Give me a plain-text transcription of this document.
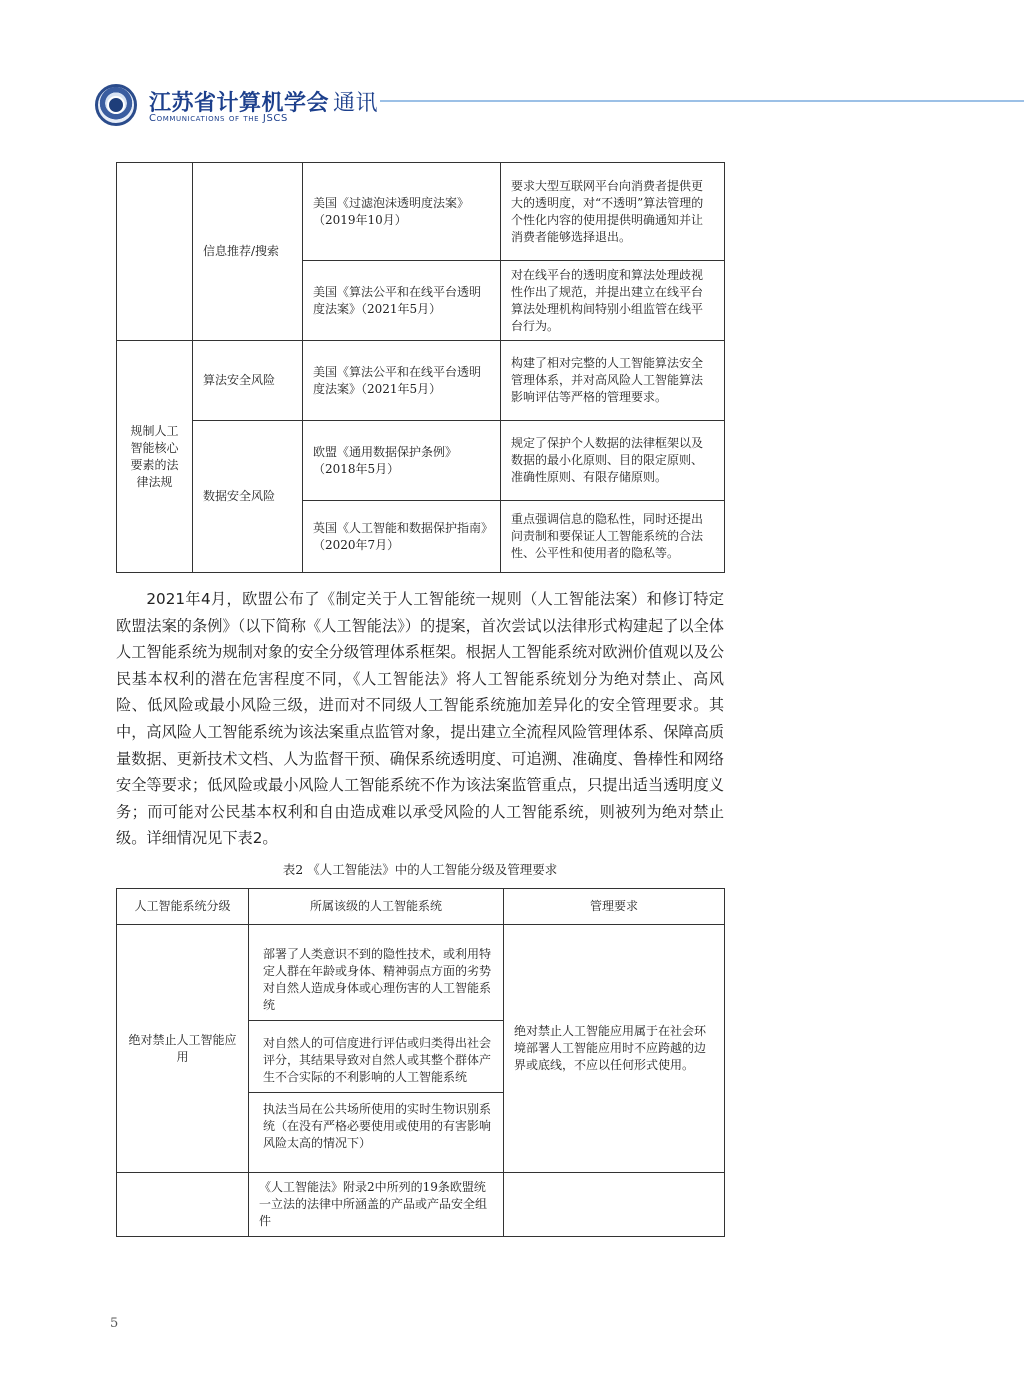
江苏省计算机学会 通讯
Communications of the JSCS
	信息推荐/搜索	美国《过滤泡沫透明度法案》（2019年10月）	要求大型互联网平台向消费者提供更大的透明度，对“不透明”算法管理的个性化内容的使用提供明确通知并让消费者能够选择退出。
		美国《算法公平和在线平台透明度法案》（2021年5月）	对在线平台的透明度和算法处理歧视性作出了规范，并提出建立在线平台算法处理机构间特别小组监管在线平台行为。
规制人工智能核心要素的法律法规	算法安全风险	美国《算法公平和在线平台透明度法案》（2021年5月）	构建了相对完整的人工智能算法安全管理体系，并对高风险人工智能算法影响评估等严格的管理要求。
	数据安全风险	欧盟《通用数据保护条例》（2018年5月）	规定了保护个人数据的法律框架以及数据的最小化原则、目的限定原则、准确性原则、有限存储原则。
		英国《人工智能和数据保护指南》（2020年7月）	重点强调信息的隐私性，同时还提出问责制和要保证人工智能系统的合法性、公平性和使用者的隐私等。
2021年4月，欧盟公布了《制定关于人工智能统一规则（人工智能法案）和修订特定欧盟法案的条例》（以下简称《人工智能法》）的提案，首次尝试以法律形式构建起了以全体人工智能系统为规制对象的安全分级管理体系框架。根据人工智能系统对欧洲价值观以及公民基本权利的潜在危害程度不同，《人工智能法》将人工智能系统划分为绝对禁止、高风险、低风险或最小风险三级，进而对不同级人工智能系统施加差异化的安全管理要求。其中，高风险人工智能系统为该法案重点监管对象，提出建立全流程风险管理体系、保障高质量数据、更新技术文档、人为监督干预、确保系统透明度、可追溯、准确度、鲁棒性和网络安全等要求；低风险或最小风险人工智能系统不作为该法案监管重点，只提出适当透明度义务；而可能对公民基本权利和自由造成难以承受风险的人工智能系统，则被列为绝对禁止级。详细情况见下表2。
表2 《人工智能法》中的人工智能分级及管理要求
人工智能系统分级	所属该级的人工智能系统	管理要求
绝对禁止人工智能应用	部署了人类意识不到的隐性技术，或利用特定人群在年龄或身体、精神弱点方面的劣势对自然人造成身体或心理伤害的人工智能系统
对自然人的可信度进行评估或归类得出社会评分，其结果导致对自然人或其整个群体产生不合实际的不利影响的人工智能系统
执法当局在公共场所使用的实时生物识别系统（在没有严格必要使用或使用的有害影响风险太高的情况下）	绝对禁止人工智能应用属于在社会环境部署人工智能应用时不应跨越的边界或底线，不应以任何形式使用。
	《人工智能法》附录2中所列的19条欧盟统一立法的法律中所涵盖的产品或产品安全组件	
5
